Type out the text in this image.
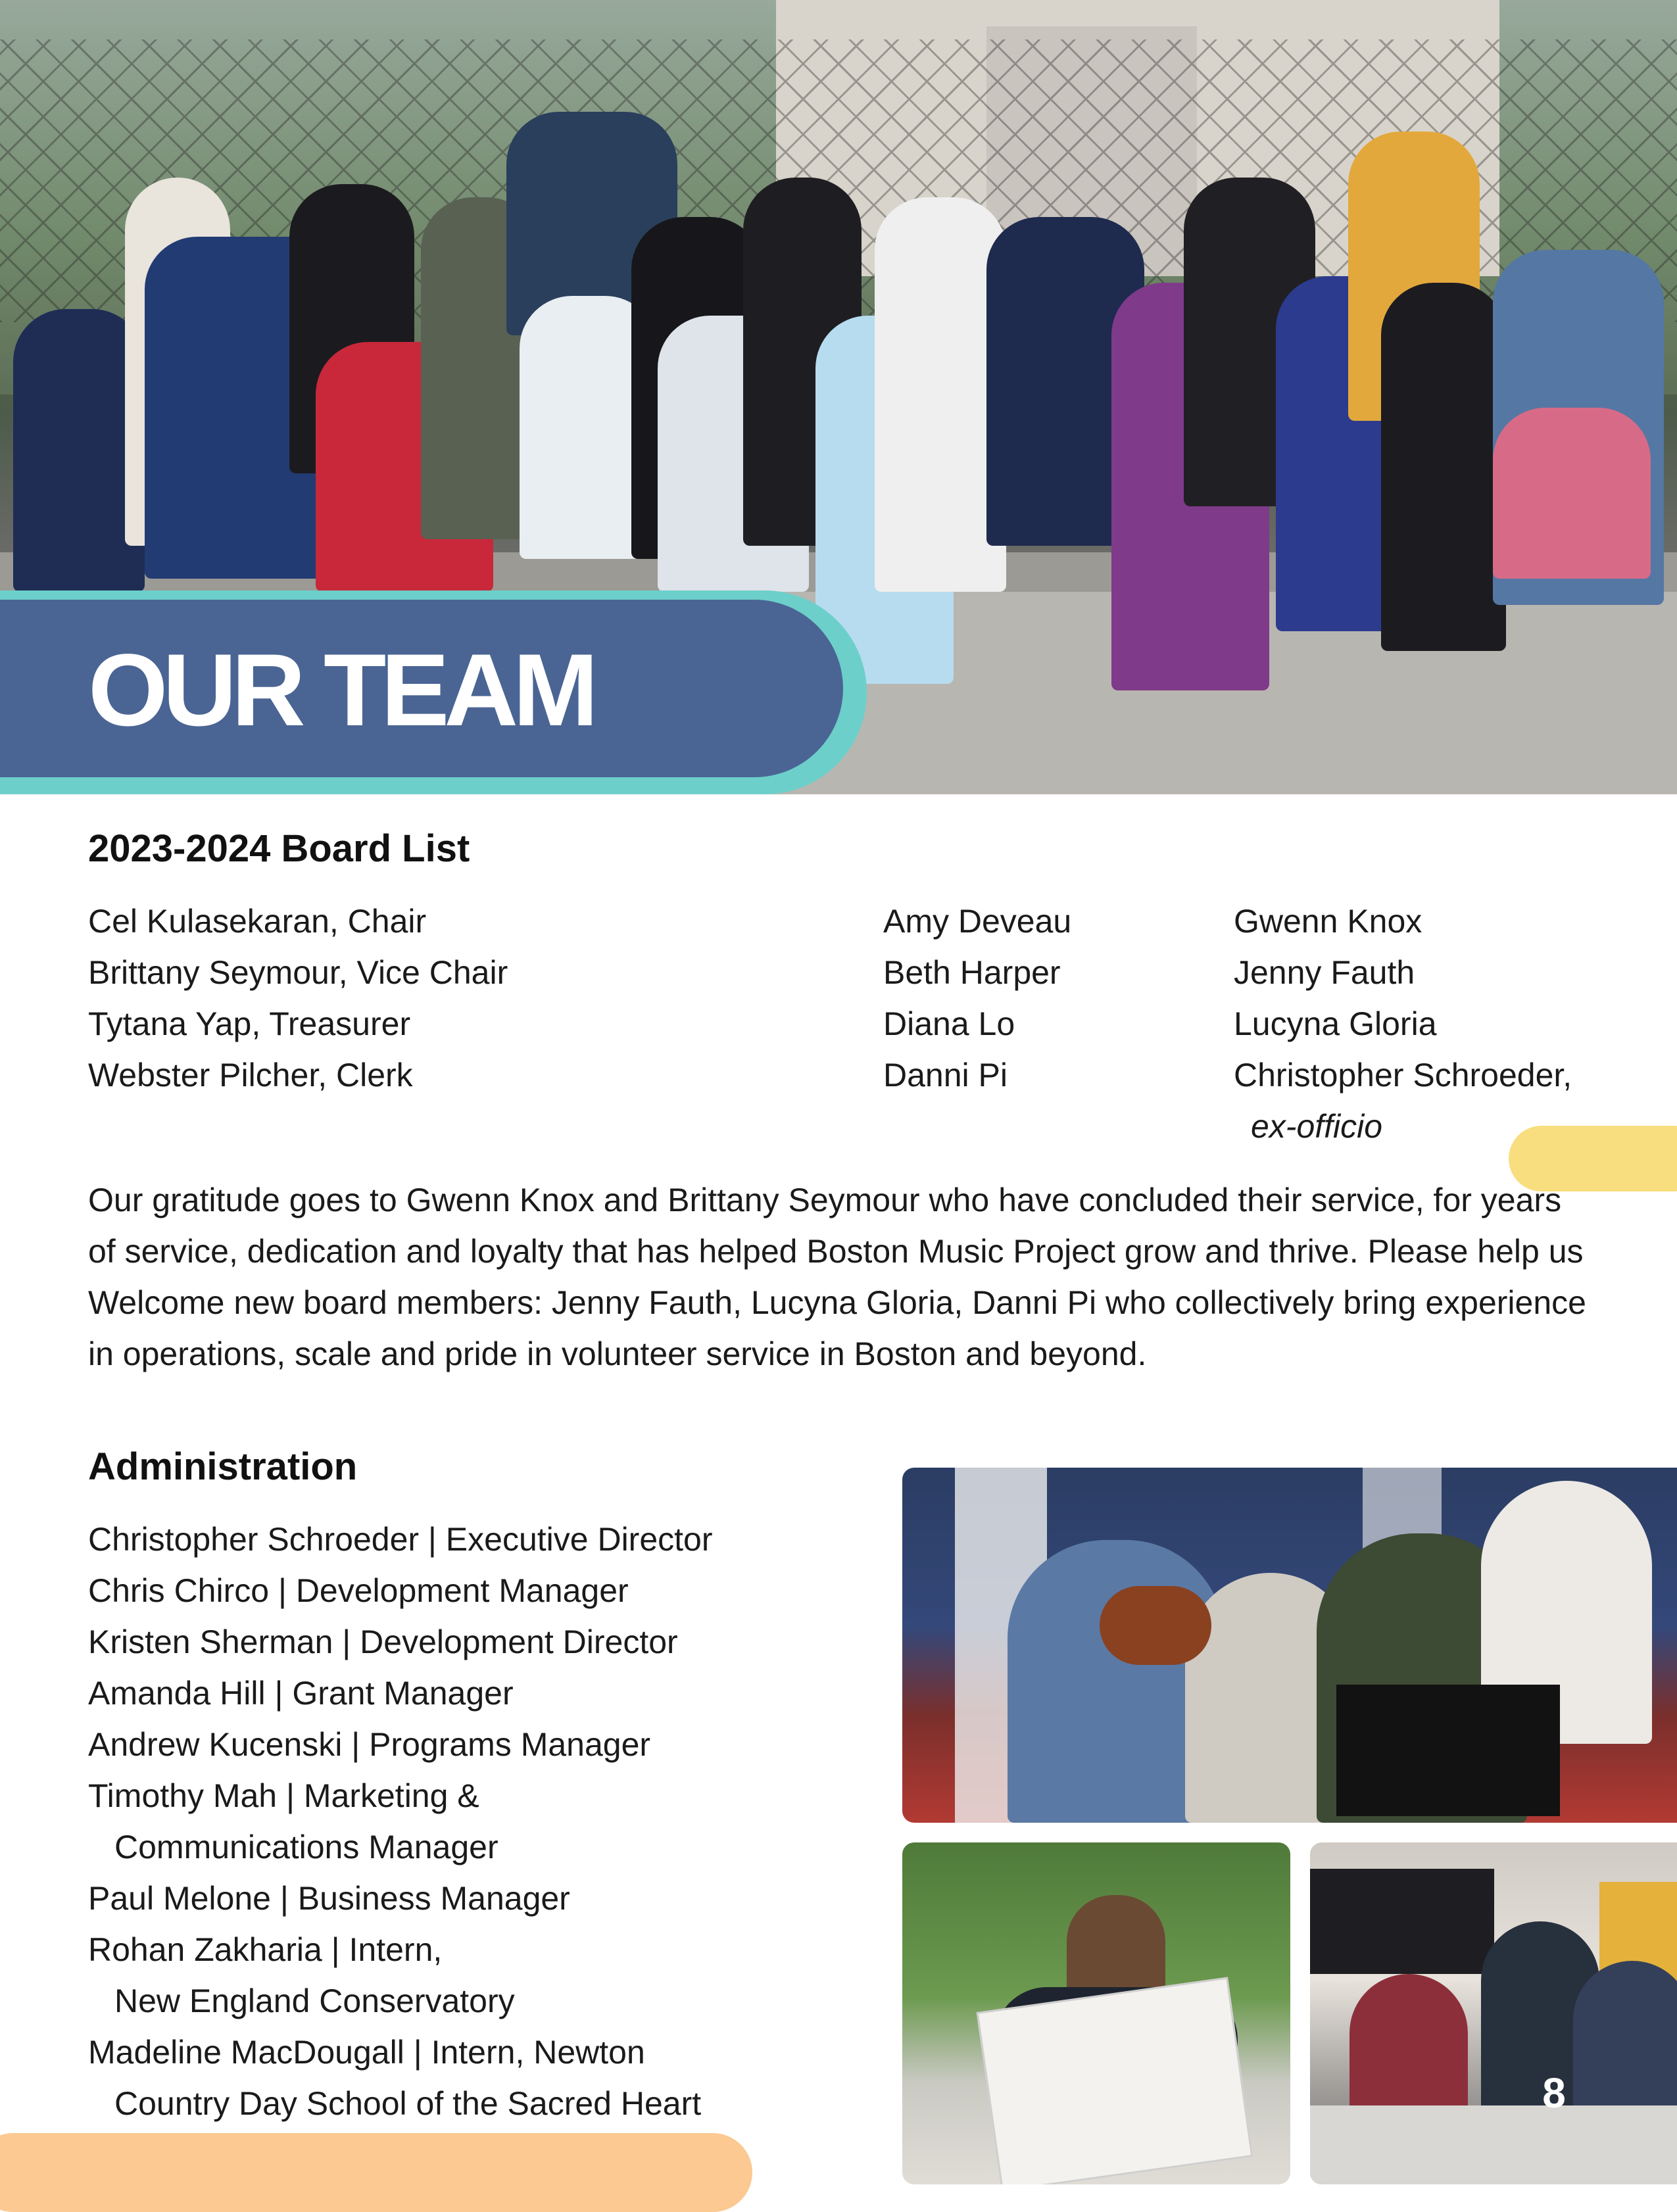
OUR TEAM
2023-2024 Board List
Cel Kulasekaran, Chair
Brittany Seymour, Vice Chair
Tytana Yap, Treasurer
Webster Pilcher, Clerk
Amy Deveau
Beth Harper
Diana Lo
Danni Pi
Gwenn Knox
Jenny Fauth
Lucyna Gloria
Christopher Schroeder,
ex-officio

Our gratitude goes to Gwenn Knox and Brittany Seymour who have concluded their service, for years of service, dedication and loyalty that has helped Boston Music Project grow and thrive. Please help us Welcome new board members: Jenny Fauth, Lucyna Gloria, Danni Pi who collectively bring experience in operations, scale and pride in volunteer service in Boston and beyond.

Administration
Christopher Schroeder | Executive Director
Chris Chirco | Development Manager
Kristen Sherman | Development Director
Amanda Hill | Grant Manager
Andrew Kucenski | Programs Manager
Timothy Mah | Marketing &
Communications Manager
Paul Melone | Business Manager
Rohan Zakharia | Intern,
New England Conservatory
Madeline MacDougall | Intern, Newton
Country Day School of the Sacred Heart	8
